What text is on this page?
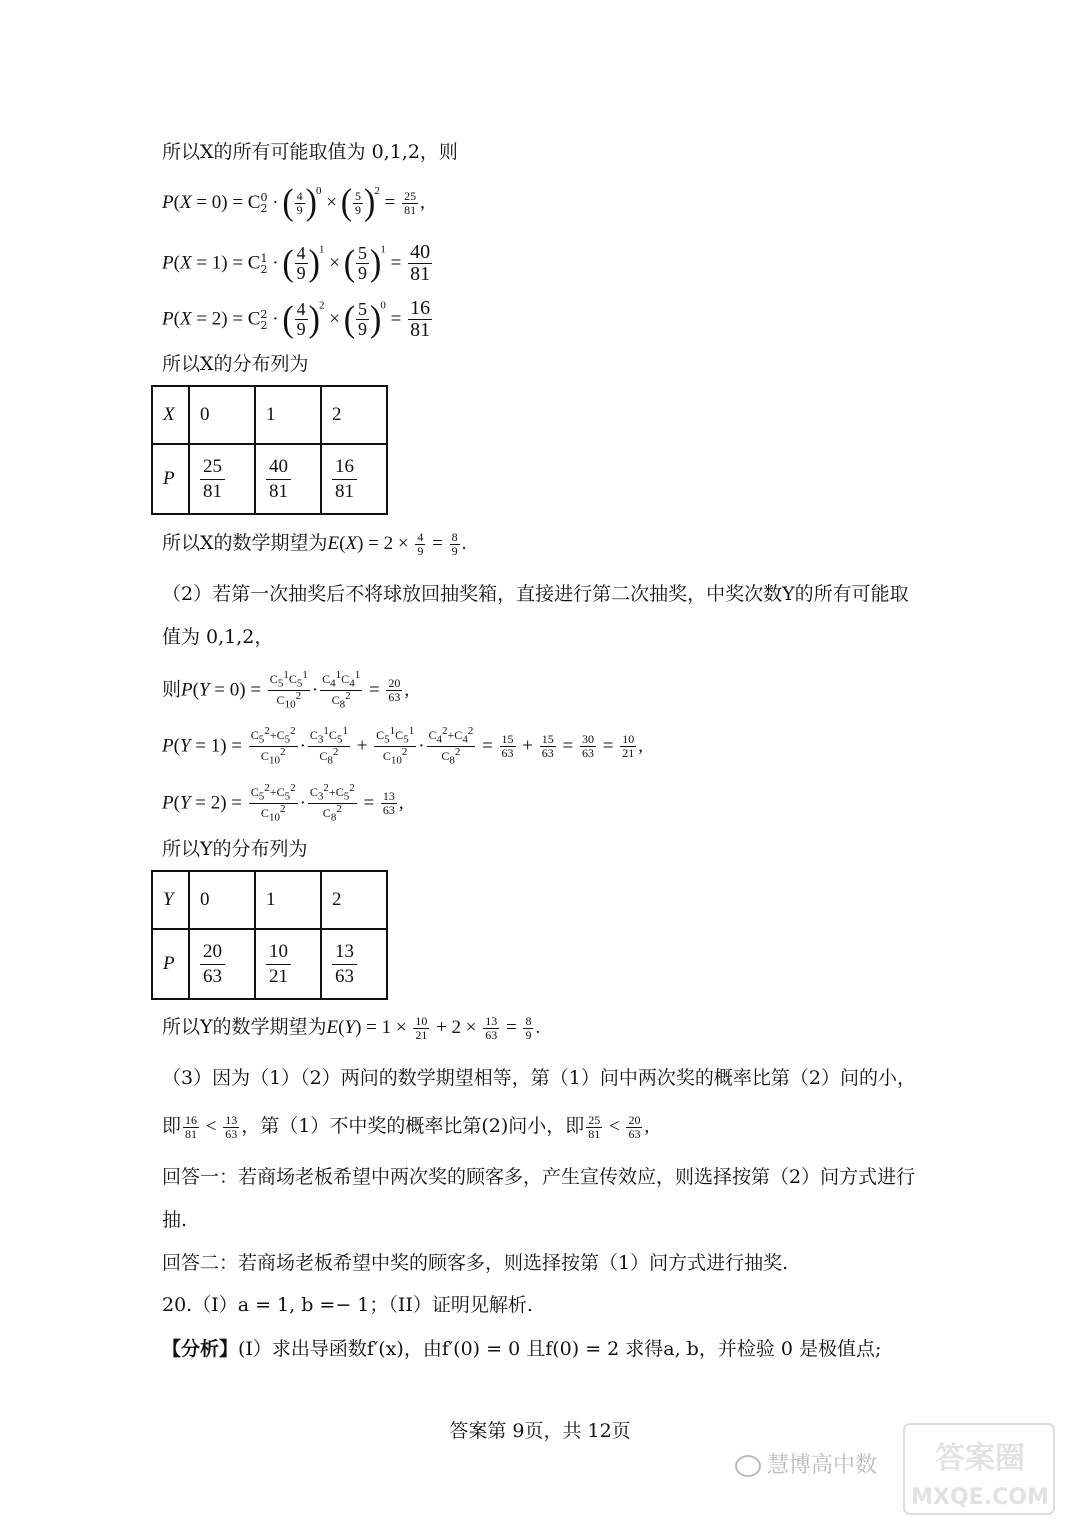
所以X的所有可能取值为 0,1,2，则
P(X = 0) = C 0
2 · ( $\frac{4}{9} )^0$ × ( $\frac{5}{9} )^2 = \frac{25}{81}$ ,
P(X = 1) = C 1
2 · ( $\frac{4}{9} )^1$ × ( $\frac{5}{9} )^1 = \frac{40}{81}$
P(X = 2) = C 2
2 · ( $\frac{4}{9} )^2$ × ( $\frac{5}{9} )^0 = \frac{16}{81}$
所以X的分布列为
X	0	1	2
P	$\frac{25}{81}$	$\frac{40}{81}$	$\frac{16}{81}$
所以X的数学期望为$E(X) = 2 \times \frac{4}{9} = \frac{8}{9}$ .
（2）若第一次抽奖后不将球放回抽奖箱，直接进行第二次抽奖，中奖次数Y的所有可能取
值为 0,1,2，
则$P(Y = 0) = \frac{C_5^1C_5^1}{C_{10}^2} \cdot \frac{C_4^1C_4^1}{C_8^2} = \frac{20}{63}$ ,
$P(Y = 1) = \frac{C_5^2+C_5^2}{C_{10}^2} \cdot \frac{C_3^1C_5^1}{C_8^2} + \frac{C_5^1C_5^1}{C_{10}^2} \cdot \frac{C_4^2+C_4^2}{C_8^2} = \frac{15}{63} + \frac{15}{63} = \frac{30}{63} = \frac{10}{21}$ ,
$P(Y = 2) = \frac{C_5^2+C_5^2}{C_{10}^2} \cdot \frac{C_3^2+C_5^2}{C_8^2} = \frac{13}{63}$ ,
所以Y的分布列为
Y	0	1	2
P	$\frac{20}{63}$	$\frac{10}{21}$	$\frac{13}{63}$
所以Y的数学期望为$E(Y) = 1 \times \frac{10}{21} + 2 \times \frac{13}{63} = \frac{8}{9}$ .
（3）因为（1）（2）两问的数学期望相等，第（1）问中两次奖的概率比第（2）问的小，
即 $\frac{16}{81} < \frac{13}{63}$ ，第（1）不中奖的概率比第(2)问小，即 $\frac{25}{81} < \frac{20}{63}$ ,
回答一：若商场老板希望中两次奖的顾客多，产生宣传效应，则选择按第（2）问方式进行
抽.
回答二：若商场老板希望中奖的顾客多，则选择按第（1）问方式进行抽奖.
20.（I）a = 1, b =− 1；（II）证明见解析.
【分析】(I）求出导函数f′(x)，由f′(0) = 0 且f(0) = 2 求得a, b，并检验 0 是极值点;
答案第 9页，共 12页
慧博高中数 答案圈
MXQE.COM
